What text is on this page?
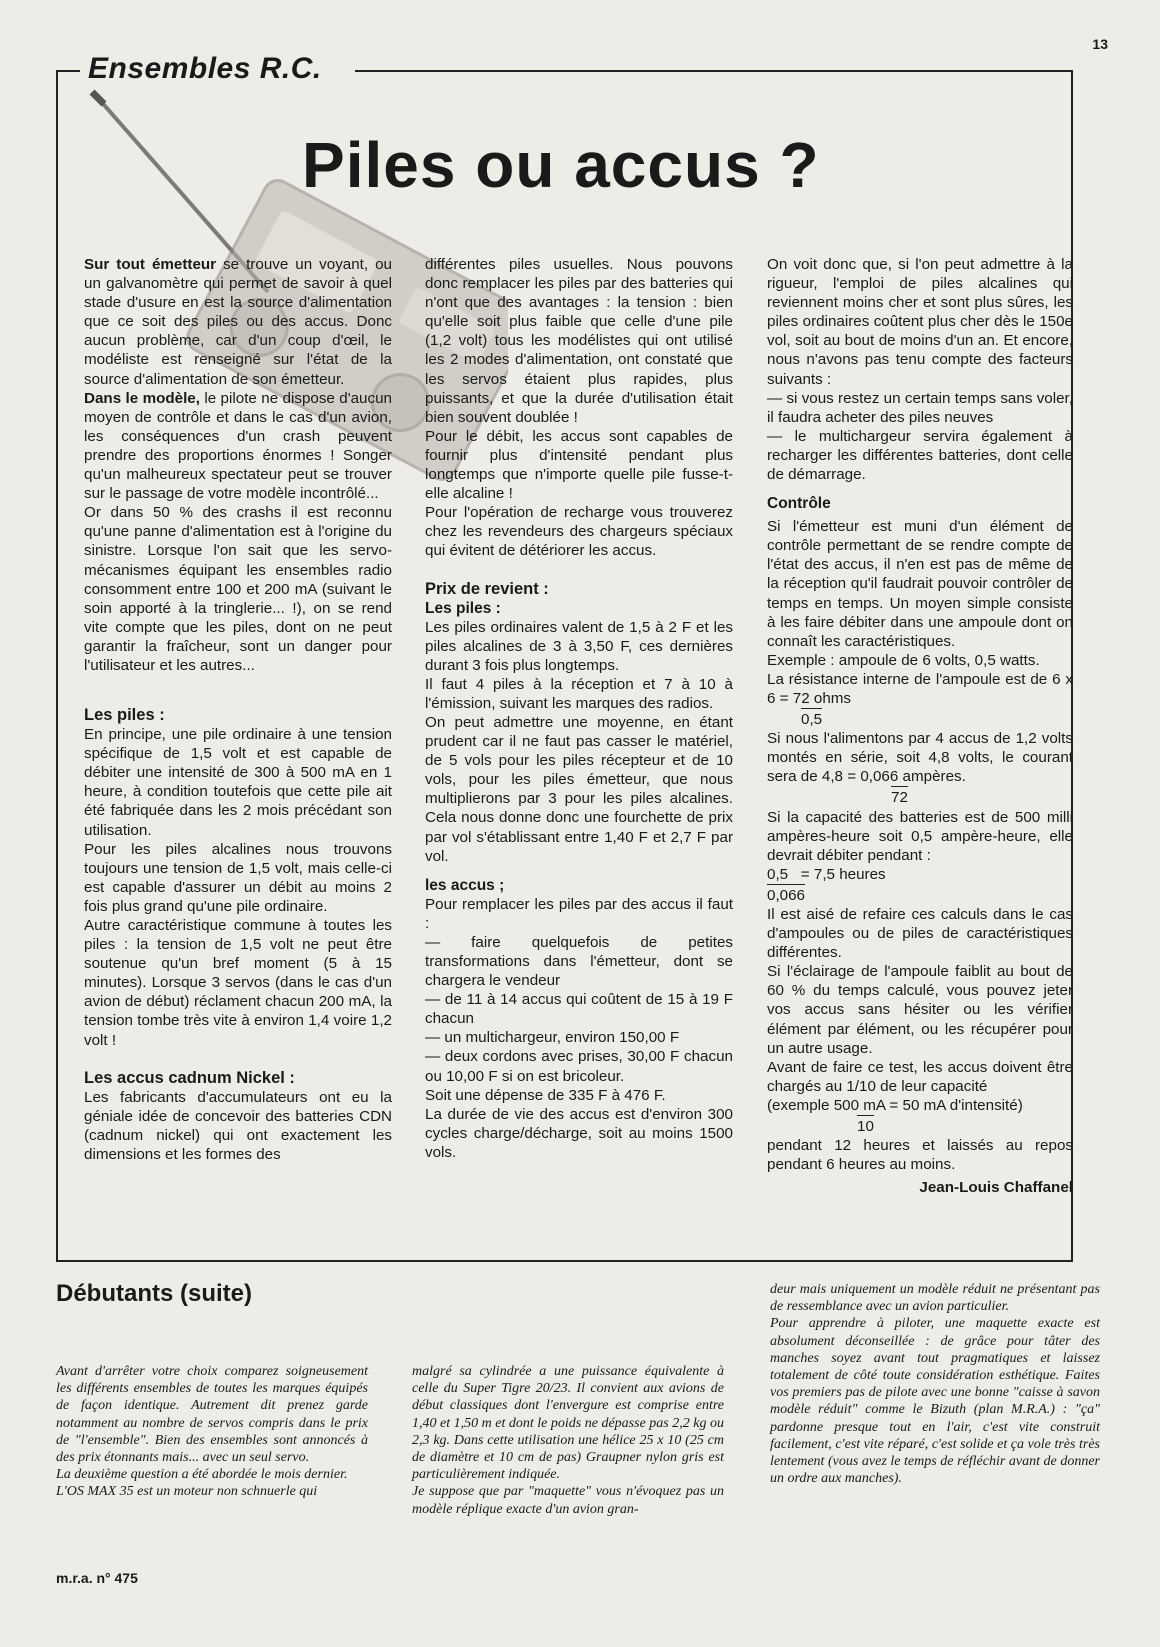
13
Ensembles R.C.
Piles ou accus ?

Sur tout émetteur se trouve un voyant, ou un galvanomètre qui permet de savoir à quel stade d'usure en est la source d'alimentation que ce soit des piles ou des accus. Donc aucun problème, car d'un coup d'œil, le modéliste est renseigné sur l'état de la source d'alimentation de son émetteur.

Dans le modèle, le pilote ne dispose d'aucun moyen de contrôle et dans le cas d'un avion, les conséquences d'un crash peuvent prendre des proportions énormes ! Songer qu'un malheureux spectateur peut se trouver sur le passage de votre modèle incontrôlé...

Or dans 50 % des crashs il est reconnu qu'une panne d'alimentation est à l'origine du sinistre. Lorsque l'on sait que les servo-mécanismes équipant les ensembles radio consomment entre 100 et 200 mA (suivant le soin apporté à la tringlerie... !), on se rend vite compte que les piles, dont on ne peut garantir la fraîcheur, sont un danger pour l'utilisateur et les autres...

Les piles :

En principe, une pile ordinaire à une tension spécifique de 1,5 volt et est capable de débiter une intensité de 300 à 500 mA en 1 heure, à condition toutefois que cette pile ait été fabriquée dans les 2 mois précédant son utilisation.

Pour les piles alcalines nous trouvons toujours une tension de 1,5 volt, mais celle-ci est capable d'assurer un débit au moins 2 fois plus grand qu'une pile ordinaire.

Autre caractéristique commune à toutes les piles : la tension de 1,5 volt ne peut être soutenue qu'un bref moment (5 à 15 minutes). Lorsque 3 servos (dans le cas d'un avion de début) réclament chacun 200 mA, la tension tombe très vite à environ 1,4 voire 1,2 volt !

Les accus cadnum Nickel :

Les fabricants d'accumulateurs ont eu la géniale idée de concevoir des batteries CDN (cadnum nickel) qui ont exactement les dimensions et les formes des

différentes piles usuelles. Nous pouvons donc remplacer les piles par des batteries qui n'ont que des avantages : la tension : bien qu'elle soit plus faible que celle d'une pile (1,2 volt) tous les modélistes qui ont utilisé les 2 modes d'alimentation, ont constaté que les servos étaient plus rapides, plus puissants, et que la durée d'utilisation était bien souvent doublée !

Pour le débit, les accus sont capables de fournir plus d'intensité pendant plus longtemps que n'importe quelle pile fusse-t-elle alcaline !

Pour l'opération de recharge vous trouverez chez les revendeurs des chargeurs spéciaux qui évitent de détériorer les accus.

Prix de revient :
Les piles :

Les piles ordinaires valent de 1,5 à 2 F et les piles alcalines de 3 à 3,50 F, ces dernières durant 3 fois plus longtemps.

Il faut 4 piles à la réception et 7 à 10 à l'émission, suivant les marques des radios.

On peut admettre une moyenne, en étant prudent car il ne faut pas casser le matériel, de 5 vols pour les piles récepteur et de 10 vols, pour les piles émetteur, que nous multiplierons par 3 pour les piles alcalines. Cela nous donne donc une fourchette de prix par vol s'établissant entre 1,40 F et 2,7 F par vol.

les accus ;

Pour remplacer les piles par des accus il faut :

— faire quelquefois de petites transformations dans l'émetteur, dont se chargera le vendeur

— de 11 à 14 accus qui coûtent de 15 à 19 F chacun

— un multichargeur, environ 150,00 F

— deux cordons avec prises, 30,00 F chacun ou 10,00 F si on est bricoleur.

Soit une dépense de 335 F à 476 F.

La durée de vie des accus est d'environ 300 cycles charge/décharge, soit au moins 1500 vols.

On voit donc que, si l'on peut admettre à la rigueur, l'emploi de piles alcalines qui reviennent moins cher et sont plus sûres, les piles ordinaires coûtent plus cher dès le 150e vol, soit au bout de moins d'un an. Et encore, nous n'avons pas tenu compte des facteurs suivants :

— si vous restez un certain temps sans voler, il faudra acheter des piles neuves

— le multichargeur servira également à recharger les différentes batteries, dont celle de démarrage.

Contrôle

Si l'émetteur est muni d'un élément de contrôle permettant de se rendre compte de l'état des accus, il n'en est pas de même de la réception qu'il faudrait pouvoir contrôler de temps en temps. Un moyen simple consiste à les faire débiter dans une ampoule dont on connaît les caractéristiques.

Exemple : ampoule de 6 volts, 0,5 watts.

La résistance interne de l'ampoule est de 6 x 6 = 72 ohms

0,5

Si nous l'alimentons par 4 accus de 1,2 volts montés en série, soit 4,8 volts, le courant sera de 4,8 = 0,066 ampères.

72

Si la capacité des batteries est de 500 milli ampères-heure soit 0,5 ampère-heure, elle devrait débiter pendant :

0,5   = 7,5 heures

0,066

Il est aisé de refaire ces calculs dans le cas d'ampoules ou de piles de caractéristiques différentes.

Si l'éclairage de l'ampoule faiblit au bout de 60 % du temps calculé, vous pouvez jeter vos accus sans hésiter ou les vérifier élément par élément, ou les récupérer pour un autre usage.

Avant de faire ce test, les accus doivent être chargés au 1/10 de leur capacité

(exemple 500 mA = 50 mA d'intensité)

10

pendant 12 heures et laissés au repos pendant 6 heures au moins.

Jean-Louis Chaffanel

Débutants (suite)

Avant d'arrêter votre choix comparez soigneusement les différents ensembles de toutes les marques équipés de façon identique. Autrement dit prenez garde notamment au nombre de servos compris dans le prix de "l'ensemble". Bien des ensembles sont annoncés à des prix étonnants mais... avec un seul servo.

La deuxième question a été abordée le mois dernier.

L'OS MAX 35 est un moteur non schnuerle qui

malgré sa cylindrée a une puissance équivalente à celle du Super Tigre 20/23. Il convient aux avions de début classiques dont l'envergure est comprise entre 1,40 et 1,50 m et dont le poids ne dépasse pas 2,2 kg ou 2,3 kg. Dans cette utilisation une hélice 25 x 10 (25 cm de diamètre et 10 cm de pas) Graupner nylon gris est particulièrement indiquée.

Je suppose que par "maquette" vous n'évoquez pas un modèle réplique exacte d'un avion gran-

deur mais uniquement un modèle réduit ne présentant pas de ressemblance avec un avion particulier.

Pour apprendre à piloter, une maquette exacte est absolument déconseillée : de grâce pour tâter des manches soyez avant tout pragmatiques et laissez totalement de côté toute considération esthétique. Faites vos premiers pas de pilote avec une bonne "caisse à savon modèle réduit" comme le Bizuth (plan M.R.A.) : "ça" pardonne presque tout en l'air, c'est vite construit facilement, c'est vite réparé, c'est solide et ça vole très très lentement (vous avez le temps de réfléchir avant de donner un ordre aux manches).

m.r.a. n° 475
